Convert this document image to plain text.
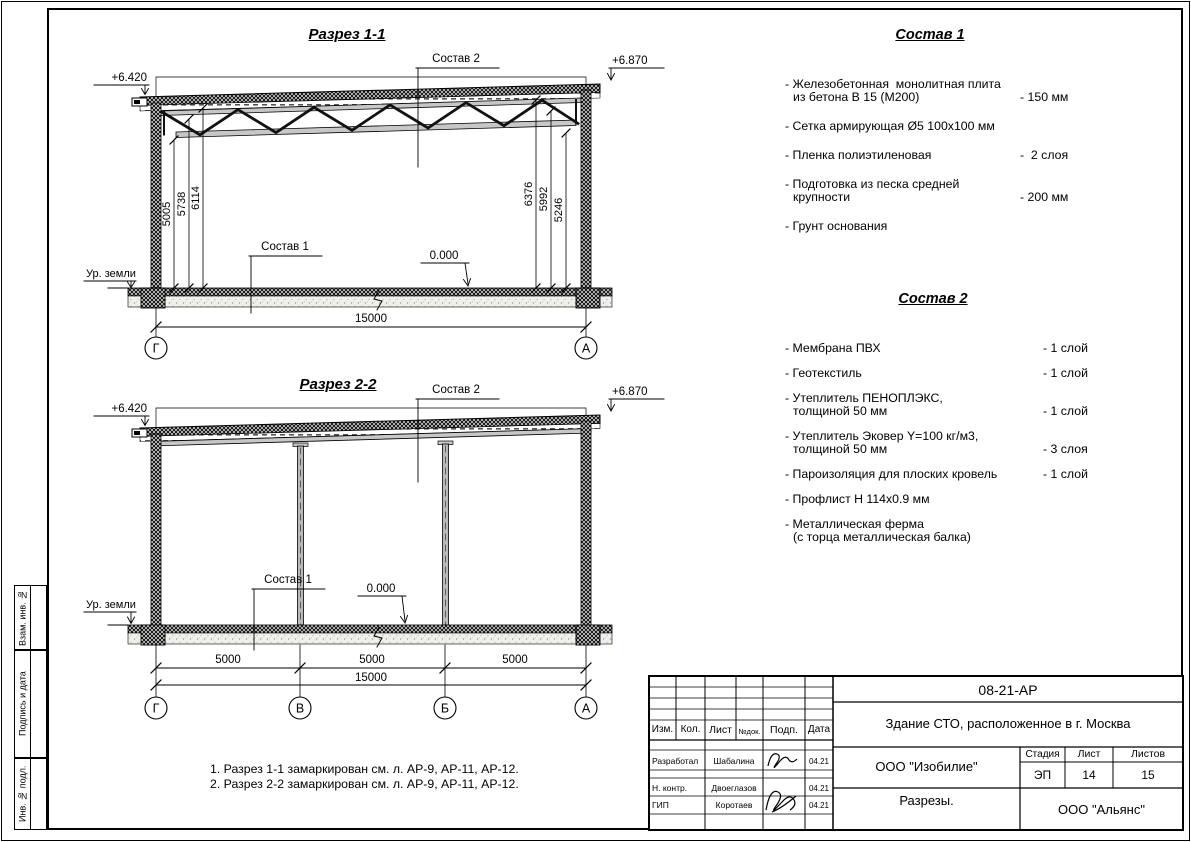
5005 5738 6114	6376 5992 5246
15000
Г	А
+6.420
+6.870
Состав 2
Состав 1
0.000
Ур. земли
+6.420
+6.870
Состав 2
Состав 1
0.000
Ур. земли
5000	5000	5000
15000
Г	В	Б	А
Разрез 1-1
Разрез 2-2
Состав 1
- Железобетонная  монолитная плита
из бетона В 15 (М200)	- 150 мм
- Сетка армирующая Ø5 100х100 мм
- Пленка полиэтиленовая	-  2 слоя
- Подготовка из песка средней
крупности	- 200 мм
- Грунт основания
Состав 2
- Мембрана ПВХ	- 1 слой
- Геотекстиль	- 1 слой
- Утеплитель ПЕНОПЛЭКС,
толщиной 50 мм	- 1 слой
- Утеплитель Эковер Y=100 кг/м3,
толщиной 50 мм	- 3 слоя
- Пароизоляция для плоских кровель	- 1 слой
- Профлист Н 114х0.9 мм
- Металлическая ферма
(с торца металлическая балка)
1. Разрез 1-1 замаркирован см. л. АР-9, АР-11, АР-12.
2. Разрез 2-2 замаркирован см. л. АР-9, АР-11, АР-12.
Взам. инв. №
Подпись и дата
Инв. № подл.
08-21-АР
Здание СТО, расположенное в г. Москва
Изм. Кол. Лист №док. Подп. Дата
Разработал	Шабалина	04.21
Н. контр.	Двоеглазов	04.21
ГИП	Коротаев	04.21
ООО "Изобилие"
Стадия	Лист	Листов
ЭП	14	15
Разрезы.
ООО "Альянс"
